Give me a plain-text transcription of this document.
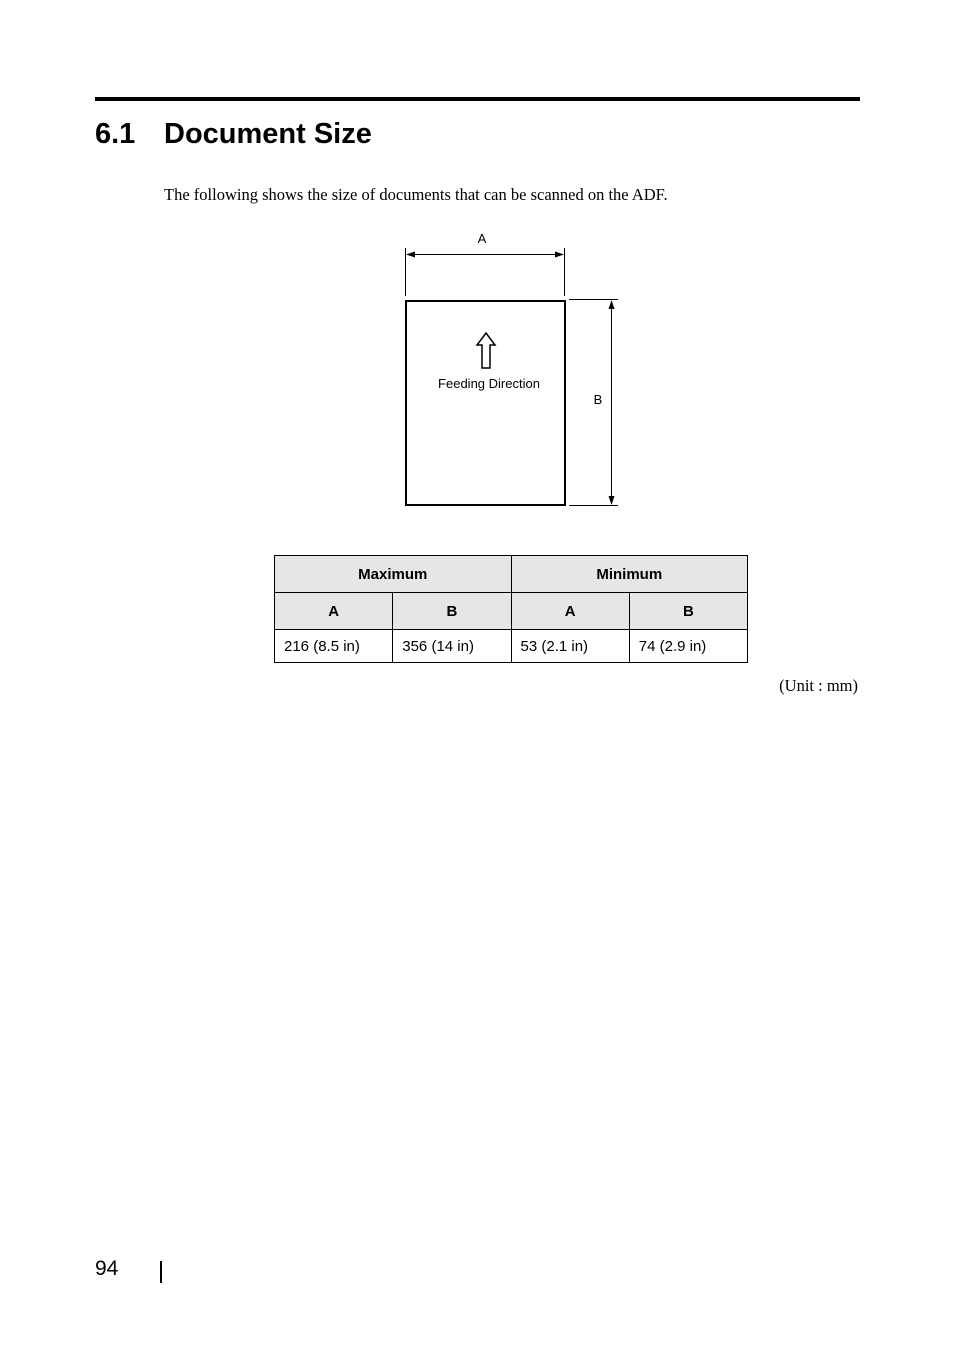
6.1 Document Size

The following shows the size of documents that can be scanned on the ADF.

A
Feeding Direction
B
Maximum		Minimum	
A	B	A	B
216 (8.5 in)	356 (14 in)	53 (2.1 in)	74 (2.9 in)

(Unit : mm)

94
